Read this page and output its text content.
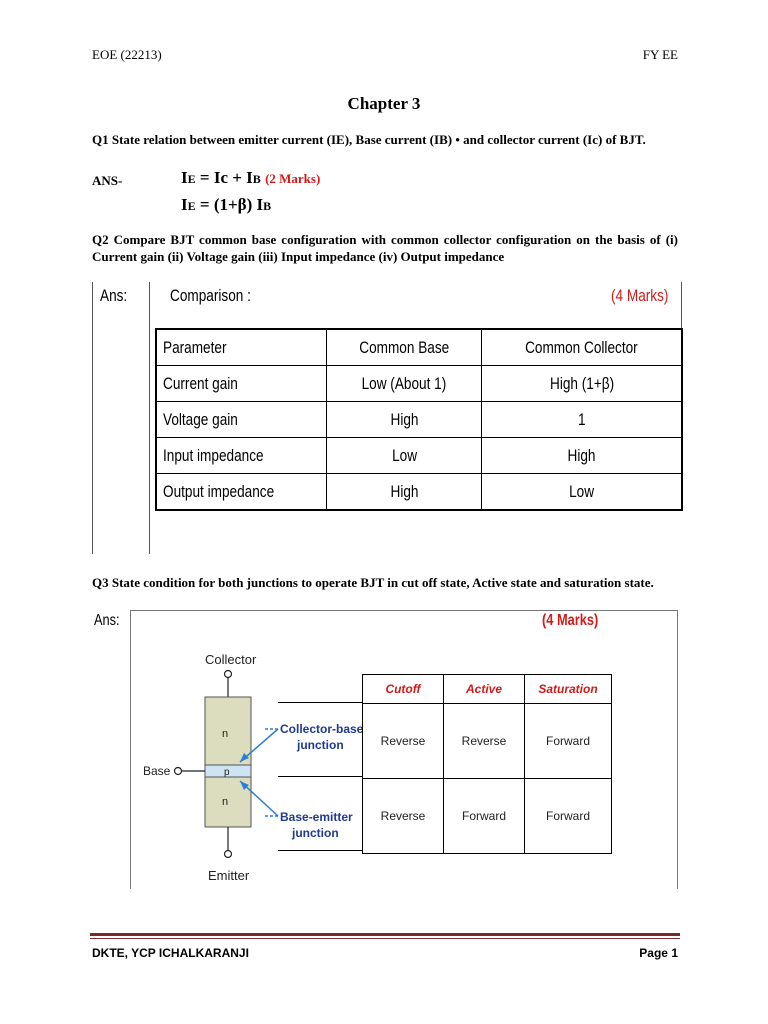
EOE (22213)	FY EE
Chapter 3
Q1 State relation between emitter current (IE), Base current (IB) • and collector current (Ic) of BJT.
ANS-	IE = Ic + IB (2 Marks)
IE = (1+β) IB
Q2 Compare BJT common base configuration with common collector configuration on the basis of (i) Current gain (ii) Voltage gain (iii) Input impedance (iv) Output impedance
Ans:	Comparison :	(4 Marks)
Parameter	Common Base	Common Collector

Current gain	Low (About 1)	High (1+β)

Voltage gain	High	1

Input impedance	Low	High

Output impedance	High	Low
Q3 State condition for both junctions to operate BJT in cut off state, Active state and saturation state.
Ans:	(4 Marks)
Collector
n
p
n
Base
Emitter
Collector-base
junction
Base-emitter
junction
Cutoff	Active	Saturation
Reverse	Reverse	Forward
Reverse	Forward	Forward
DKTE, YCP ICHALKARANJI	Page 1
